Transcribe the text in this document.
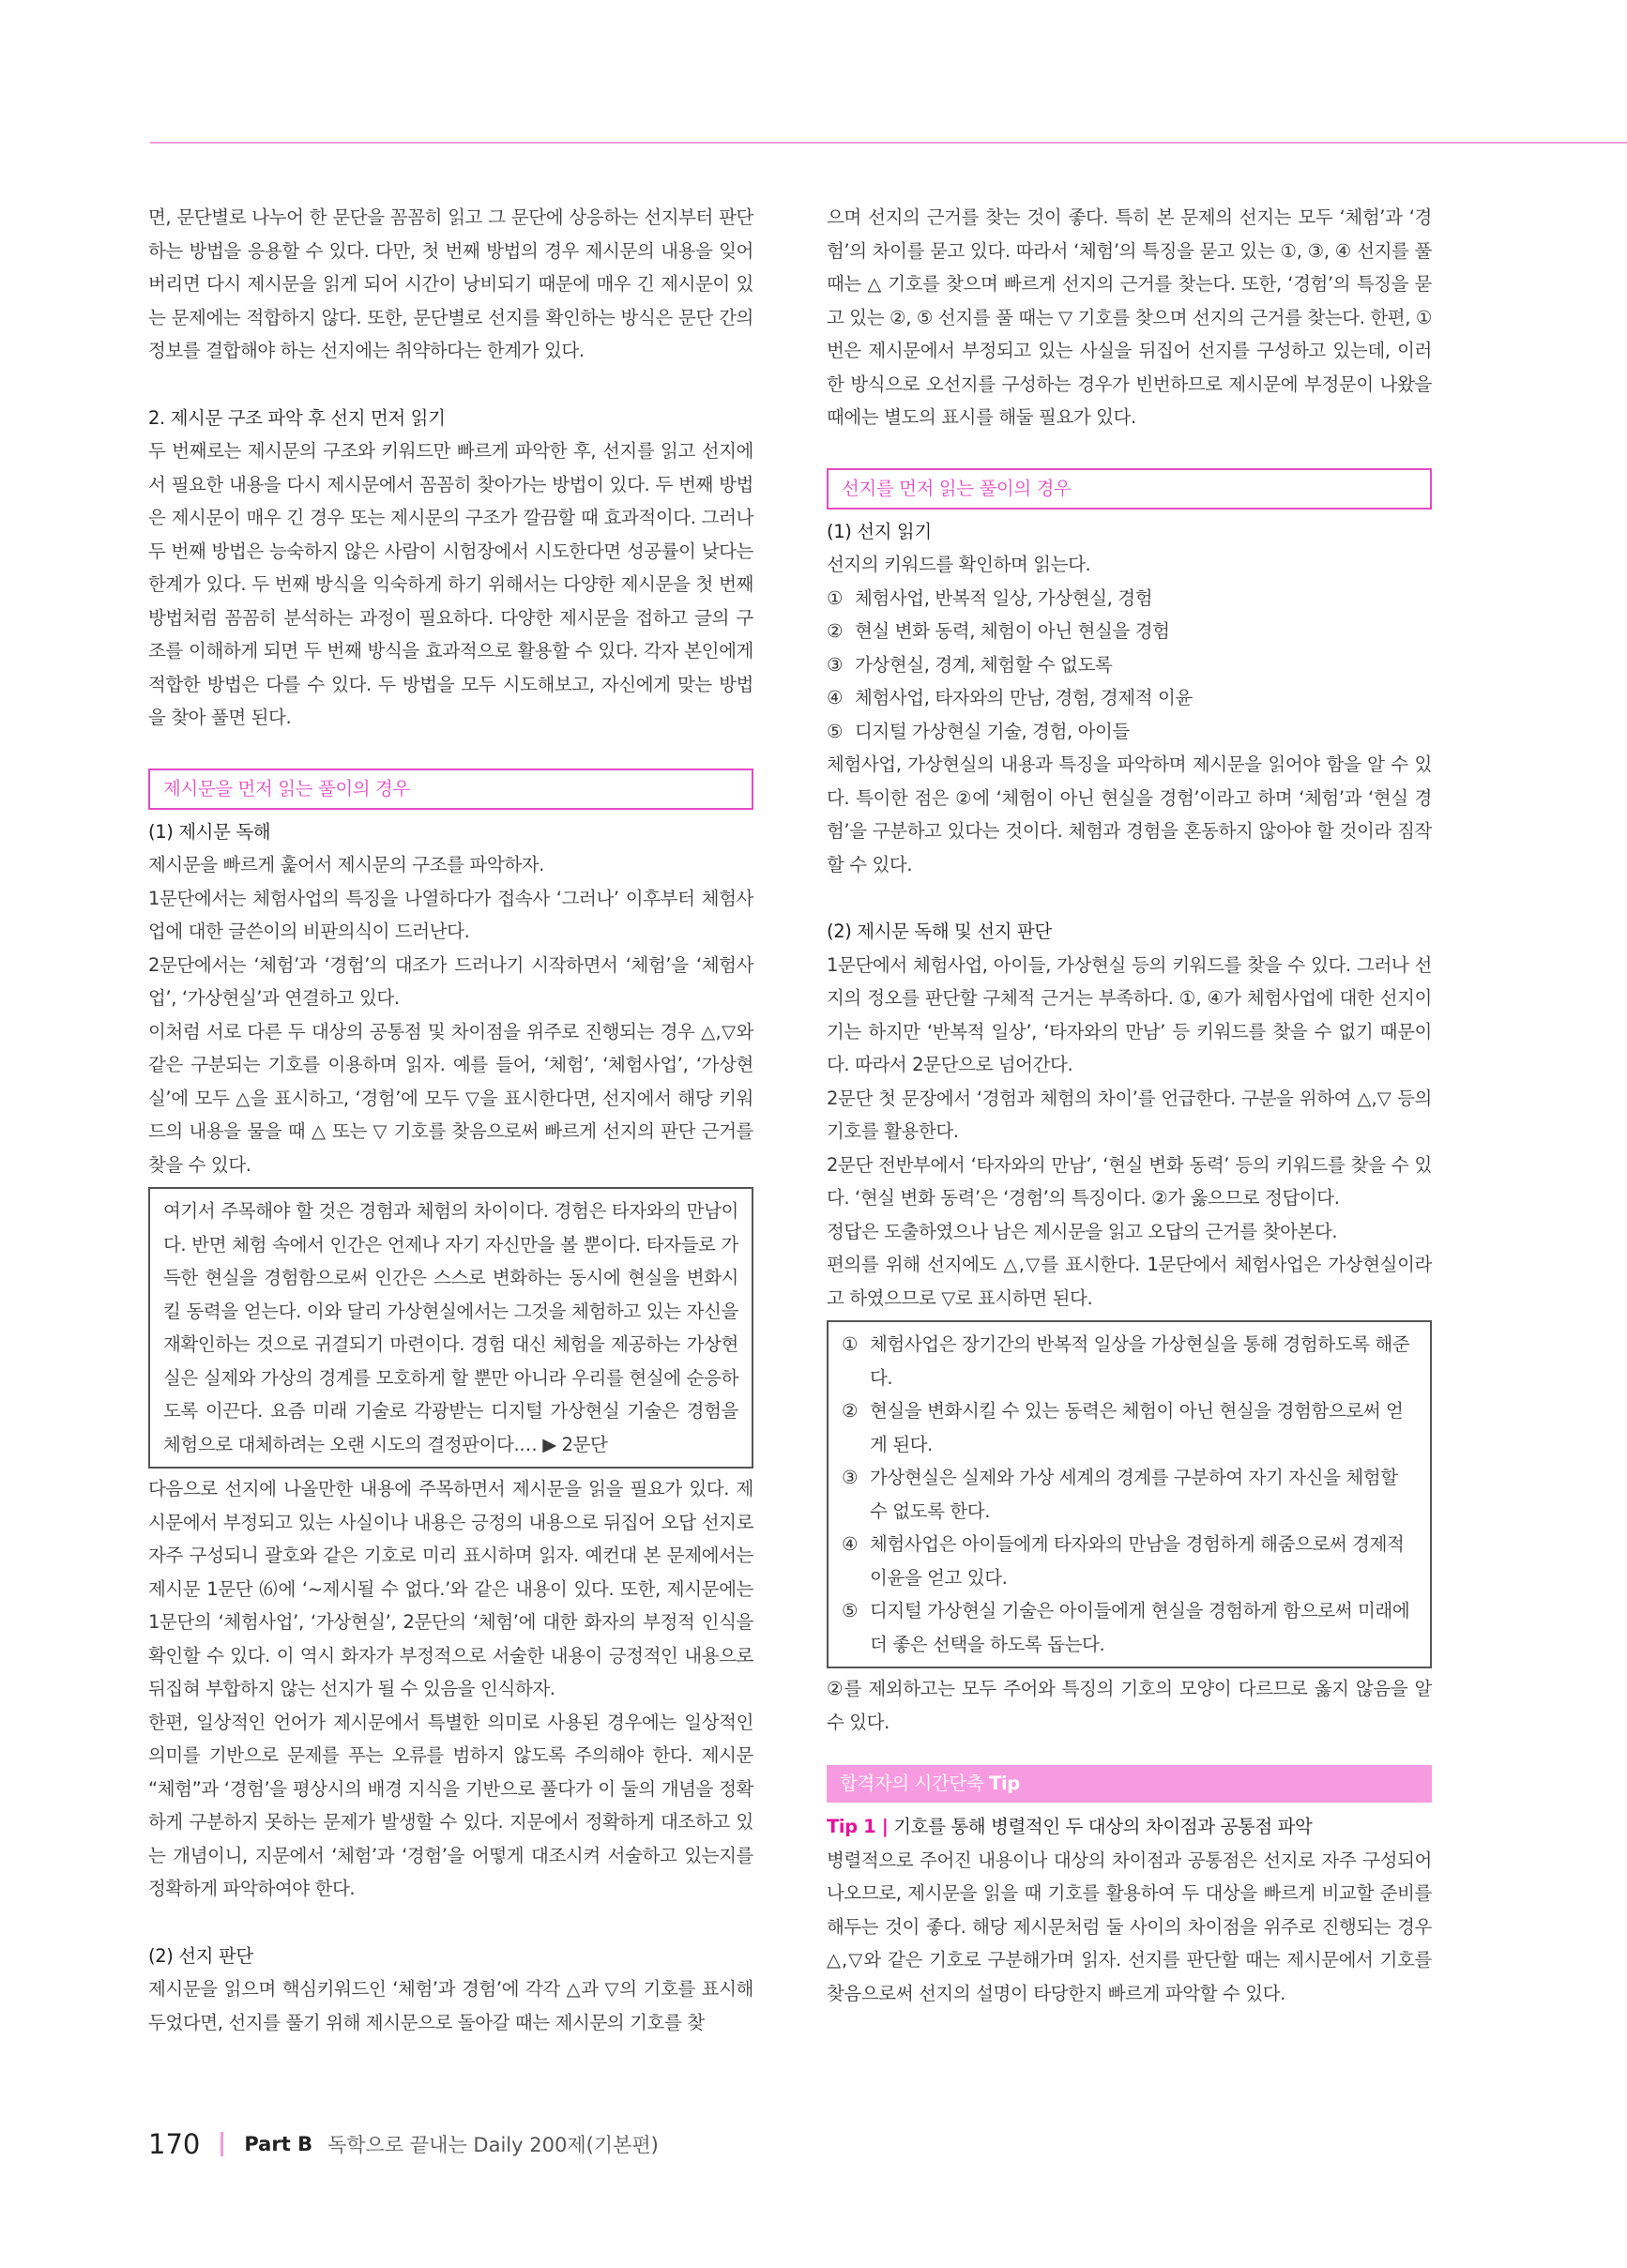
면, 문단별로 나누어 한 문단을 꼼꼼히 읽고 그 문단에 상응하는 선지부터 판단하는 방법을 응용할 수 있다. 다만, 첫 번째 방법의 경우 제시문의 내용을 잊어버리면 다시 제시문을 읽게 되어 시간이 낭비되기 때문에 매우 긴 제시문이 있는 문제에는 적합하지 않다. 또한, 문단별로 선지를 확인하는 방식은 문단 간의 정보를 결합해야 하는 선지에는 취약하다는 한계가 있다.

2. 제시문 구조 파악 후 선지 먼저 읽기

두 번째로는 제시문의 구조와 키워드만 빠르게 파악한 후, 선지를 읽고 선지에서 필요한 내용을 다시 제시문에서 꼼꼼히 찾아가는 방법이 있다. 두 번째 방법은 제시문이 매우 긴 경우 또는 제시문의 구조가 깔끔할 때 효과적이다. 그러나 두 번째 방법은 능숙하지 않은 사람이 시험장에서 시도한다면 성공률이 낮다는 한계가 있다. 두 번째 방식을 익숙하게 하기 위해서는 다양한 제시문을 첫 번째 방법처럼 꼼꼼히 분석하는 과정이 필요하다. 다양한 제시문을 접하고 글의 구조를 이해하게 되면 두 번째 방식을 효과적으로 활용할 수 있다. 각자 본인에게 적합한 방법은 다를 수 있다. 두 방법을 모두 시도해보고, 자신에게 맞는 방법을 찾아 풀면 된다.

제시문을 먼저 읽는 풀이의 경우

(1) 제시문 독해

제시문을 빠르게 훑어서 제시문의 구조를 파악하자.

1문단에서는 체험사업의 특징을 나열하다가 접속사 ‘그러나’ 이후부터 체험사업에 대한 글쓴이의 비판의식이 드러난다.

2문단에서는 ‘체험’과 ‘경험’의 대조가 드러나기 시작하면서 ‘체험’을 ‘체험사업’, ‘가상현실’과 연결하고 있다.

이처럼 서로 다른 두 대상의 공통점 및 차이점을 위주로 진행되는 경우 △,▽와 같은 구분되는 기호를 이용하며 읽자. 예를 들어, ‘체험’, ‘체험사업’, ‘가상현실’에 모두 △을 표시하고, ‘경험’에 모두 ▽을 표시한다면, 선지에서 해당 키워드의 내용을 물을 때 △ 또는 ▽ 기호를 찾음으로써 빠르게 선지의 판단 근거를 찾을 수 있다.

여기서 주목해야 할 것은 경험과 체험의 차이이다. 경험은 타자와의 만남이다. 반면 체험 속에서 인간은 언제나 자기 자신만을 볼 뿐이다. 타자들로 가득한 현실을 경험함으로써 인간은 스스로 변화하는 동시에 현실을 변화시킬 동력을 얻는다. 이와 달리 가상현실에서는 그것을 체험하고 있는 자신을 재확인하는 것으로 귀결되기 마련이다. 경험 대신 체험을 제공하는 가상현실은 실제와 가상의 경계를 모호하게 할 뿐만 아니라 우리를 현실에 순응하도록 이끈다. 요즘 미래 기술로 각광받는 디지털 가상현실 기술은 경험을 체험으로 대체하려는 오랜 시도의 결정판이다.… ▶ 2문단

다음으로 선지에 나올만한 내용에 주목하면서 제시문을 읽을 필요가 있다. 제시문에서 부정되고 있는 사실이나 내용은 긍정의 내용으로 뒤집어 오답 선지로 자주 구성되니 괄호와 같은 기호로 미리 표시하며 읽자. 예컨대 본 문제에서는 제시문 1문단 ⑹에 ‘~제시될 수 없다.’와 같은 내용이 있다. 또한, 제시문에는 1문단의 ‘체험사업’, ‘가상현실’, 2문단의 ‘체험’에 대한 화자의 부정적 인식을 확인할 수 있다. 이 역시 화자가 부정적으로 서술한 내용이 긍정적인 내용으로 뒤집혀 부합하지 않는 선지가 될 수 있음을 인식하자.

한편, 일상적인 언어가 제시문에서 특별한 의미로 사용된 경우에는 일상적인 의미를 기반으로 문제를 푸는 오류를 범하지 않도록 주의해야 한다. 제시문 “체험”과 ‘경험’을 평상시의 배경 지식을 기반으로 풀다가 이 둘의 개념을 정확하게 구분하지 못하는 문제가 발생할 수 있다. 지문에서 정확하게 대조하고 있는 개념이니, 지문에서 ‘체험’과 ‘경험’을 어떻게 대조시켜 서술하고 있는지를 정확하게 파악하여야 한다.

(2) 선지 판단

제시문을 읽으며 핵심키워드인 ‘체험’과 경험’에 각각 △과 ▽의 기호를 표시해두었다면, 선지를 풀기 위해 제시문으로 돌아갈 때는 제시문의 기호를 찾

으며 선지의 근거를 찾는 것이 좋다. 특히 본 문제의 선지는 모두 ‘체험’과 ‘경험’의 차이를 묻고 있다. 따라서 ‘체험’의 특징을 묻고 있는 ①, ③, ④ 선지를 풀 때는 △ 기호를 찾으며 빠르게 선지의 근거를 찾는다. 또한, ‘경험’의 특징을 묻고 있는 ②, ⑤ 선지를 풀 때는 ▽ 기호를 찾으며 선지의 근거를 찾는다. 한편, ①번은 제시문에서 부정되고 있는 사실을 뒤집어 선지를 구성하고 있는데, 이러한 방식으로 오선지를 구성하는 경우가 빈번하므로 제시문에 부정문이 나왔을 때에는 별도의 표시를 해둘 필요가 있다.

선지를 먼저 읽는 풀이의 경우

(1) 선지 읽기

선지의 키워드를 확인하며 읽는다.

① 체험사업, 반복적 일상, 가상현실, 경험
② 현실 변화 동력, 체험이 아닌 현실을 경험
③ 가상현실, 경계, 체험할 수 없도록
④ 체험사업, 타자와의 만남, 경험, 경제적 이윤
⑤ 디지털 가상현실 기술, 경험, 아이들

체험사업, 가상현실의 내용과 특징을 파악하며 제시문을 읽어야 함을 알 수 있다. 특이한 점은 ②에 ‘체험이 아닌 현실을 경험’이라고 하며 ‘체험’과 ‘현실 경험’을 구분하고 있다는 것이다. 체험과 경험을 혼동하지 않아야 할 것이라 짐작할 수 있다.

(2) 제시문 독해 및 선지 판단

1문단에서 체험사업, 아이들, 가상현실 등의 키워드를 찾을 수 있다. 그러나 선지의 정오를 판단할 구체적 근거는 부족하다. ①, ④가 체험사업에 대한 선지이기는 하지만 ‘반복적 일상’, ‘타자와의 만남’ 등 키워드를 찾을 수 없기 때문이다. 따라서 2문단으로 넘어간다.

2문단 첫 문장에서 ‘경험과 체험의 차이’를 언급한다. 구분을 위하여 △,▽ 등의 기호를 활용한다.

2문단 전반부에서 ‘타자와의 만남’, ‘현실 변화 동력’ 등의 키워드를 찾을 수 있다. ‘현실 변화 동력’은 ‘경험’의 특징이다. ②가 옳으므로 정답이다.

정답은 도출하였으나 남은 제시문을 읽고 오답의 근거를 찾아본다.

편의를 위해 선지에도 △,▽를 표시한다. 1문단에서 체험사업은 가상현실이라고 하였으므로 ▽로 표시하면 된다.

① 체험사업은 장기간의 반복적 일상을 가상현실을 통해 경험하도록 해준다.
② 현실을 변화시킬 수 있는 동력은 체험이 아닌 현실을 경험함으로써 얻게 된다.
③ 가상현실은 실제와 가상 세계의 경계를 구분하여 자기 자신을 체험할 수 없도록 한다.
④ 체험사업은 아이들에게 타자와의 만남을 경험하게 해줌으로써 경제적 이윤을 얻고 있다.
⑤ 디지털 가상현실 기술은 아이들에게 현실을 경험하게 함으로써 미래에 더 좋은 선택을 하도록 돕는다.

②를 제외하고는 모두 주어와 특징의 기호의 모양이 다르므로 옳지 않음을 알 수 있다.

합격자의 시간단축 Tip

Tip 1 | 기호를 통해 병렬적인 두 대상의 차이점과 공통점 파악

병렬적으로 주어진 내용이나 대상의 차이점과 공통점은 선지로 자주 구성되어 나오므로, 제시문을 읽을 때 기호를 활용하여 두 대상을 빠르게 비교할 준비를 해두는 것이 좋다. 해당 제시문처럼 둘 사이의 차이점을 위주로 진행되는 경우 △,▽와 같은 기호로 구분해가며 읽자. 선지를 판단할 때는 제시문에서 기호를 찾음으로써 선지의 설명이 타당한지 빠르게 파악할 수 있다.

170 Part B 독학으로 끝내는 Daily 200제(기본편)
